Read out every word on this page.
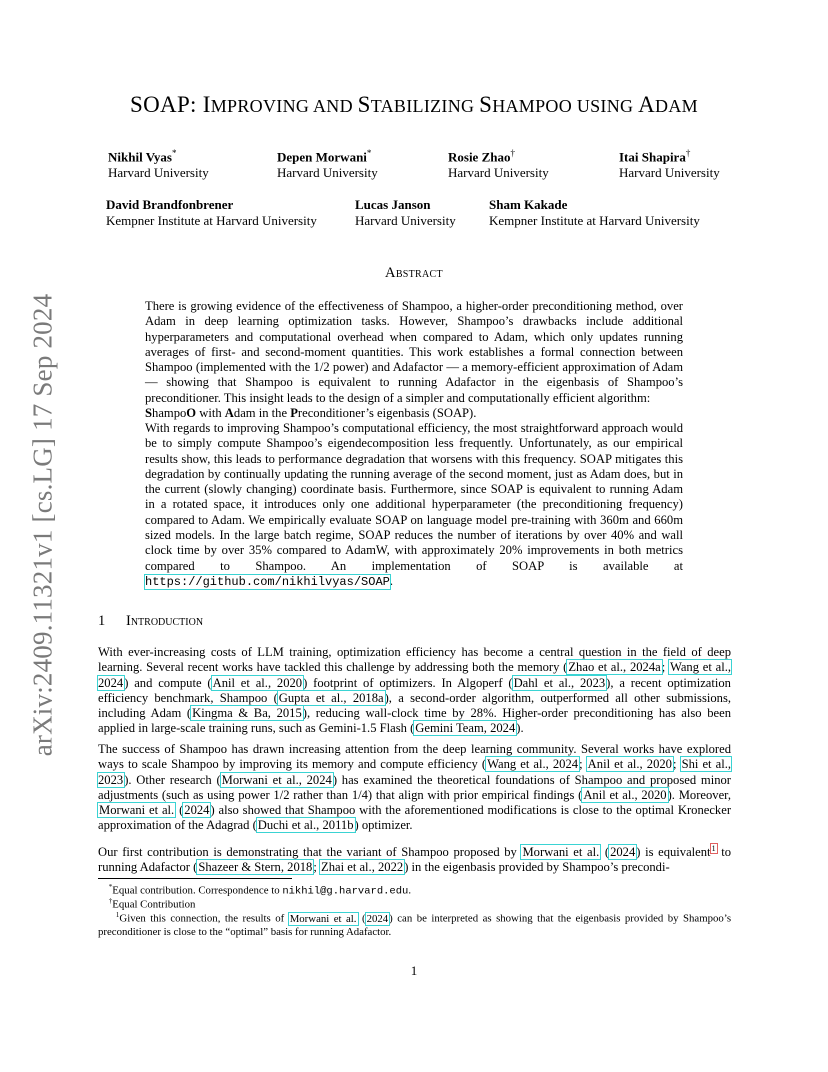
arXiv:2409.11321v1 [cs.LG] 17 Sep 2024
SOAP: IMPROVING AND STABILIZING SHAMPOO USING ADAM
Nikhil Vyas*
Harvard University
Depen Morwani*
Harvard University
Rosie Zhao†
Harvard University
Itai Shapira†
Harvard University
David Brandfonbrener
Kempner Institute at Harvard University
Lucas Janson
Harvard University
Sham Kakade
Kempner Institute at Harvard University
Abstract
There is growing evidence of the effectiveness of Shampoo, a higher-order preconditioning method, over Adam in deep learning optimization tasks. However, Shampoo’s drawbacks include additional hyperparameters and computational overhead when compared to Adam, which only updates running averages of first- and second-moment quantities. This work establishes a formal connection between Shampoo (implemented with the 1/2 power) and Adafactor — a memory-efficient approximation of Adam — showing that Shampoo is equivalent to running Adafactor in the eigenbasis of Shampoo’s preconditioner. This insight leads to the design of a simpler and computationally efficient algorithm:
ShampoO with Adam in the Preconditioner’s eigenbasis (SOAP).
With regards to improving Shampoo’s computational efficiency, the most straightforward approach would be to simply compute Shampoo’s eigendecomposition less frequently. Unfortunately, as our empirical results show, this leads to performance degradation that worsens with this frequency. SOAP mitigates this degradation by continually updating the running average of the second moment, just as Adam does, but in the current (slowly changing) coordinate basis. Furthermore, since SOAP is equivalent to running Adam in a rotated space, it introduces only one additional hyperparameter (the preconditioning frequency) compared to Adam. We empirically evaluate SOAP on language model pre-training with 360m and 660m sized models. In the large batch regime, SOAP reduces the number of iterations by over 40% and wall clock time by over 35% compared to AdamW, with approximately 20% improvements in both metrics compared to Shampoo. An implementation of SOAP is available at https://github.com/nikhilvyas/SOAP.
1 Introduction
With ever-increasing costs of LLM training, optimization efficiency has become a central question in the field of deep learning. Several recent works have tackled this challenge by addressing both the memory (Zhao et al., 2024a; Wang et al., 2024) and compute (Anil et al., 2020) footprint of optimizers. In Algoperf (Dahl et al., 2023), a recent optimization efficiency benchmark, Shampoo (Gupta et al., 2018a), a second-order algorithm, outperformed all other submissions, including Adam (Kingma & Ba, 2015), reducing wall-clock time by 28%. Higher-order preconditioning has also been applied in large-scale training runs, such as Gemini-1.5 Flash (Gemini Team, 2024).
The success of Shampoo has drawn increasing attention from the deep learning community. Several works have explored ways to scale Shampoo by improving its memory and compute efficiency (Wang et al., 2024; Anil et al., 2020; Shi et al., 2023). Other research (Morwani et al., 2024) has examined the theoretical foundations of Shampoo and proposed minor adjustments (such as using power 1/2 rather than 1/4) that align with prior empirical findings (Anil et al., 2020). Moreover, Morwani et al. (2024) also showed that Shampoo with the aforementioned modifications is close to the optimal Kronecker approximation of the Adagrad (Duchi et al., 2011b) optimizer.
Our first contribution is demonstrating that the variant of Shampoo proposed by Morwani et al. (2024) is equivalent$^1$ to running Adafactor (Shazeer & Stern, 2018; Zhai et al., 2022) in the eigenbasis provided by Shampoo’s precondi-
*Equal contribution. Correspondence to nikhil@g.harvard.edu.
†Equal Contribution
$^1$Given this connection, the results of Morwani et al. (2024) can be interpreted as showing that the eigenbasis provided by Shampoo’s preconditioner is close to the “optimal” basis for running Adafactor.
1
